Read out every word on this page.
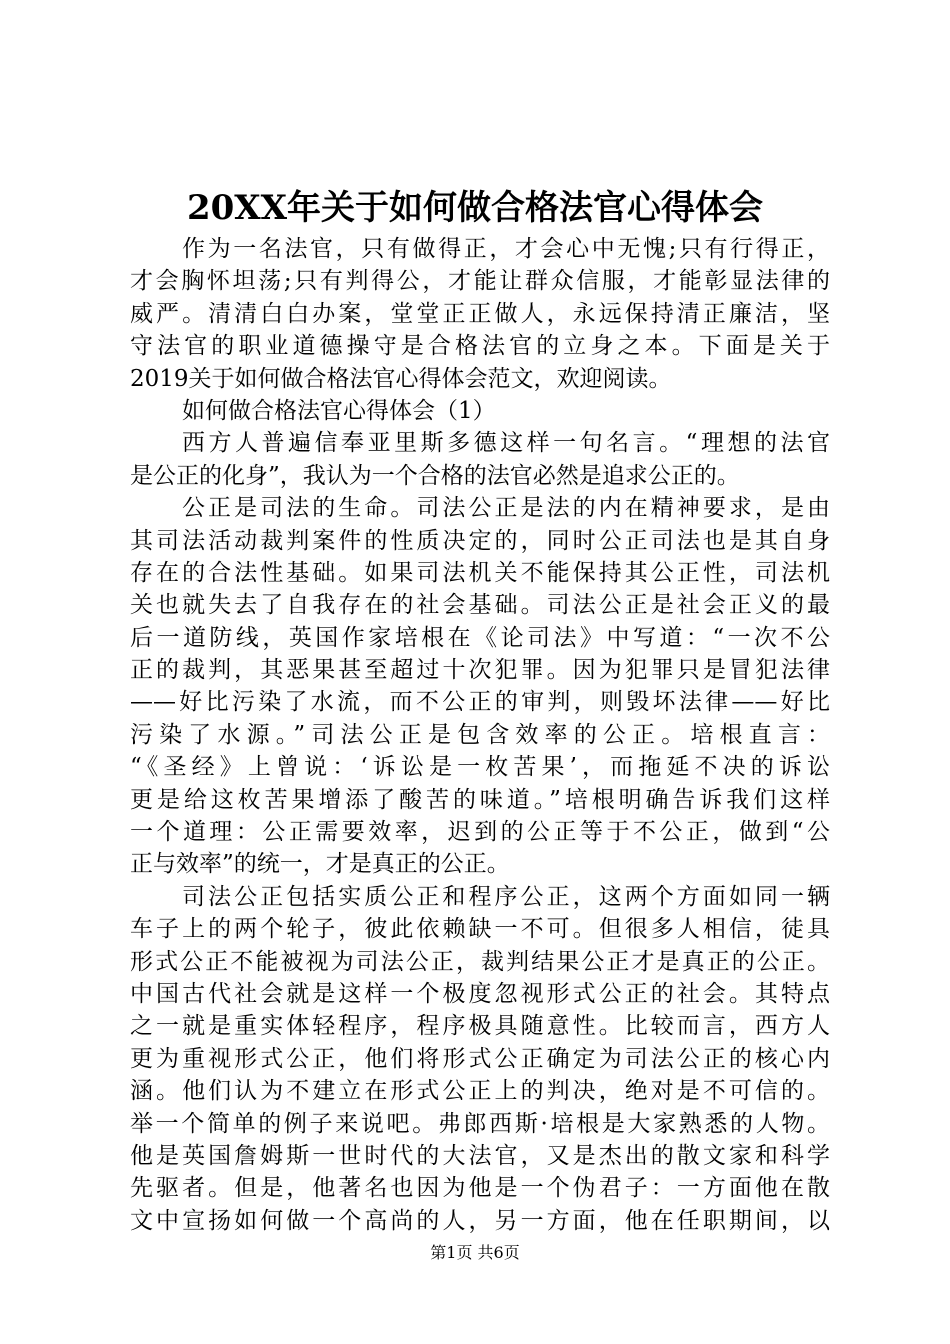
20XX年关于如何做合格法官心得体会
作为一名法官，只有做得正，才会心中无愧;只有行得正，
才会胸怀坦荡;只有判得公，才能让群众信服，才能彰显法律的
威严。清清白白办案，堂堂正正做人，永远保持清正廉洁，坚
守法官的职业道德操守是合格法官的立身之本。下面是关于
2019关于如何做合格法官心得体会范文，欢迎阅读。
如何做合格法官心得体会（1）
西方人普遍信奉亚里斯多德这样一句名言。“理想的法官
是公正的化身”，我认为一个合格的法官必然是追求公正的。
公正是司法的生命。司法公正是法的内在精神要求，是由
其司法活动裁判案件的性质决定的，同时公正司法也是其自身
存在的合法性基础。如果司法机关不能保持其公正性，司法机
关也就失去了自我存在的社会基础。司法公正是社会正义的最
后一道防线，英国作家培根在《论司法》中写道：“一次不公
正的裁判，其恶果甚至超过十次犯罪。因为犯罪只是冒犯法律
——好比污染了水流，而不公正的审判，则毁坏法律——好比
污染了水源。”司法公正是包含效率的公正。培根直言：
“《圣经》上曾说：‘诉讼是一枚苦果’，而拖延不决的诉讼
更是给这枚苦果增添了酸苦的味道。”培根明确告诉我们这样
一个道理：公正需要效率，迟到的公正等于不公正，做到“公
正与效率”的统一，才是真正的公正。
司法公正包括实质公正和程序公正，这两个方面如同一辆
车子上的两个轮子，彼此依赖缺一不可。但很多人相信，徒具
形式公正不能被视为司法公正，裁判结果公正才是真正的公正。
中国古代社会就是这样一个极度忽视形式公正的社会。其特点
之一就是重实体轻程序，程序极具随意性。比较而言，西方人
更为重视形式公正，他们将形式公正确定为司法公正的核心内
涵。他们认为不建立在形式公正上的判决，绝对是不可信的。
举一个简单的例子来说吧。弗郎西斯·培根是大家熟悉的人物。
他是英国詹姆斯一世时代的大法官，又是杰出的散文家和科学
先驱者。但是，他著名也因为他是一个伪君子：一方面他在散
文中宣扬如何做一个高尚的人，另一方面，他在任职期间，以
第1页 共6页
